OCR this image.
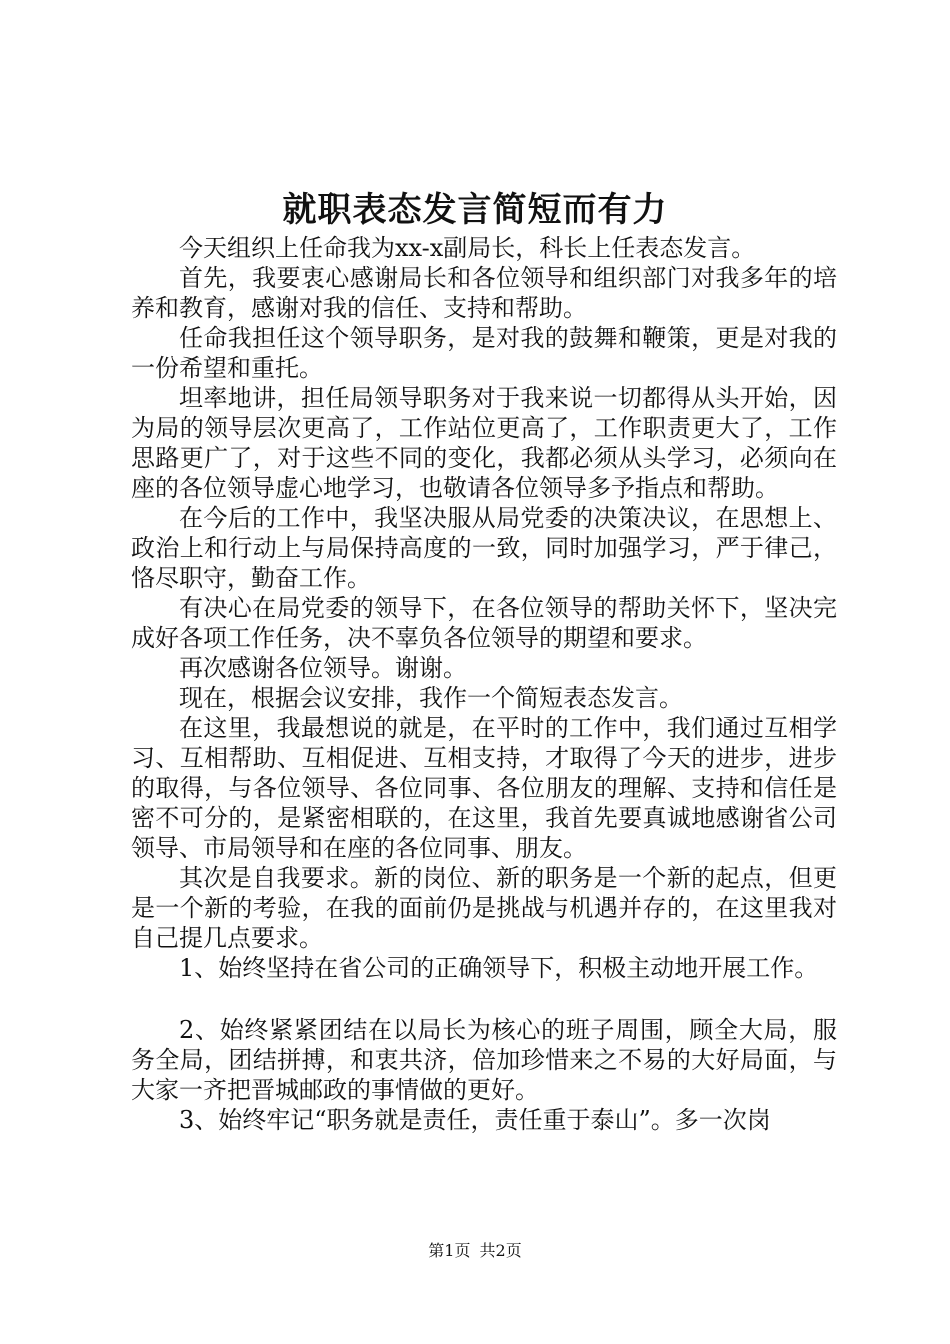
就职表态发言简短而有力

今天组织上任命我为xx-x副局长，科长上任表态发言。

首先，我要衷心感谢局长和各位领导和组织部门对我多年的培养和教育，感谢对我的信任、支持和帮助。

任命我担任这个领导职务，是对我的鼓舞和鞭策，更是对我的一份希望和重托。

坦率地讲，担任局领导职务对于我来说一切都得从头开始，因为局的领导层次更高了，工作站位更高了，工作职责更大了，工作思路更广了，对于这些不同的变化，我都必须从头学习，必须向在座的各位领导虚心地学习，也敬请各位领导多予指点和帮助。

在今后的工作中，我坚决服从局党委的决策决议，在思想上、政治上和行动上与局保持高度的一致，同时加强学习，严于律己，恪尽职守，勤奋工作。

有决心在局党委的领导下，在各位领导的帮助关怀下，坚决完成好各项工作任务，决不辜负各位领导的期望和要求。

再次感谢各位领导。谢谢。

现在，根据会议安排，我作一个简短表态发言。

在这里，我最想说的就是，在平时的工作中，我们通过互相学习、互相帮助、互相促进、互相支持，才取得了今天的进步，进步的取得，与各位领导、各位同事、各位朋友的理解、支持和信任是密不可分的，是紧密相联的，在这里，我首先要真诚地感谢省公司领导、市局领导和在座的各位同事、朋友。

其次是自我要求。新的岗位、新的职务是一个新的起点，但更是一个新的考验，在我的面前仍是挑战与机遇并存的，在这里我对自己提几点要求。

1、始终坚持在省公司的正确领导下，积极主动地开展工作。

2、始终紧紧团结在以局长为核心的班子周围，顾全大局，服务全局，团结拼搏，和衷共济，倍加珍惜来之不易的大好局面，与大家一齐把晋城邮政的事情做的更好。

3、始终牢记“职务就是责任，责任重于泰山”。多一次岗

第1页 共2页
